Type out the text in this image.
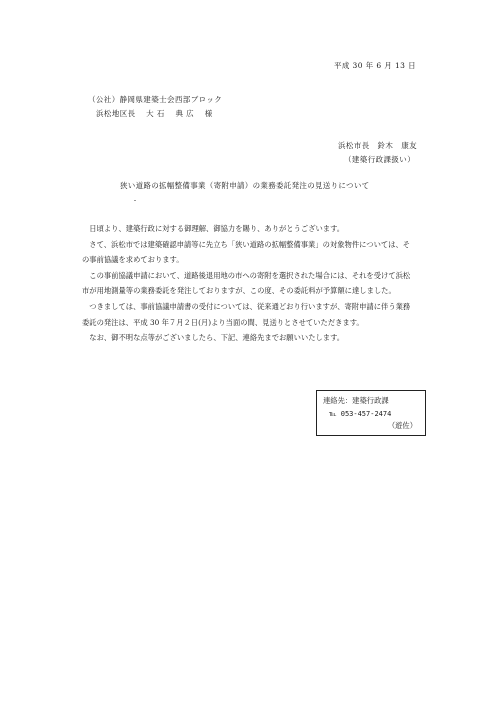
平成 30 年 6 月 13 日
（公社）静岡県建築士会西部ブロック
浜松地区長　 大 石 　典 広　 様
浜松市長　鈴木　康友
（建築行政課扱い）
狭い道路の拡幅整備事業（寄附申請）の業務委託発注の見送りについて
　日頃より、建築行政に対する御理解、御協力を賜り、ありがとうございます。
　さて、浜松市では建築確認申請等に先立ち「狭い道路の拡幅整備事業」の対象物件については、その事前協議を求めております。
　この事前協議申請において、道路後退用地の市への寄附を選択された場合には、それを受けて浜松市が用地測量等の業務委託を発注しておりますが、この度、その委託料が予算額に達しました。
　つきましては、事前協議申請書の受付については、従来通どおり行いますが、寄附申請に伴う業務委託の発注は、平成 30 年７月２日(月)より当面の間、見送りとさせていただきます。
　なお、御不明な点等がございましたら、下記、連絡先までお願いいたします。
連絡先：建築行政課
℡ 053-457-2474
（遊佐）
